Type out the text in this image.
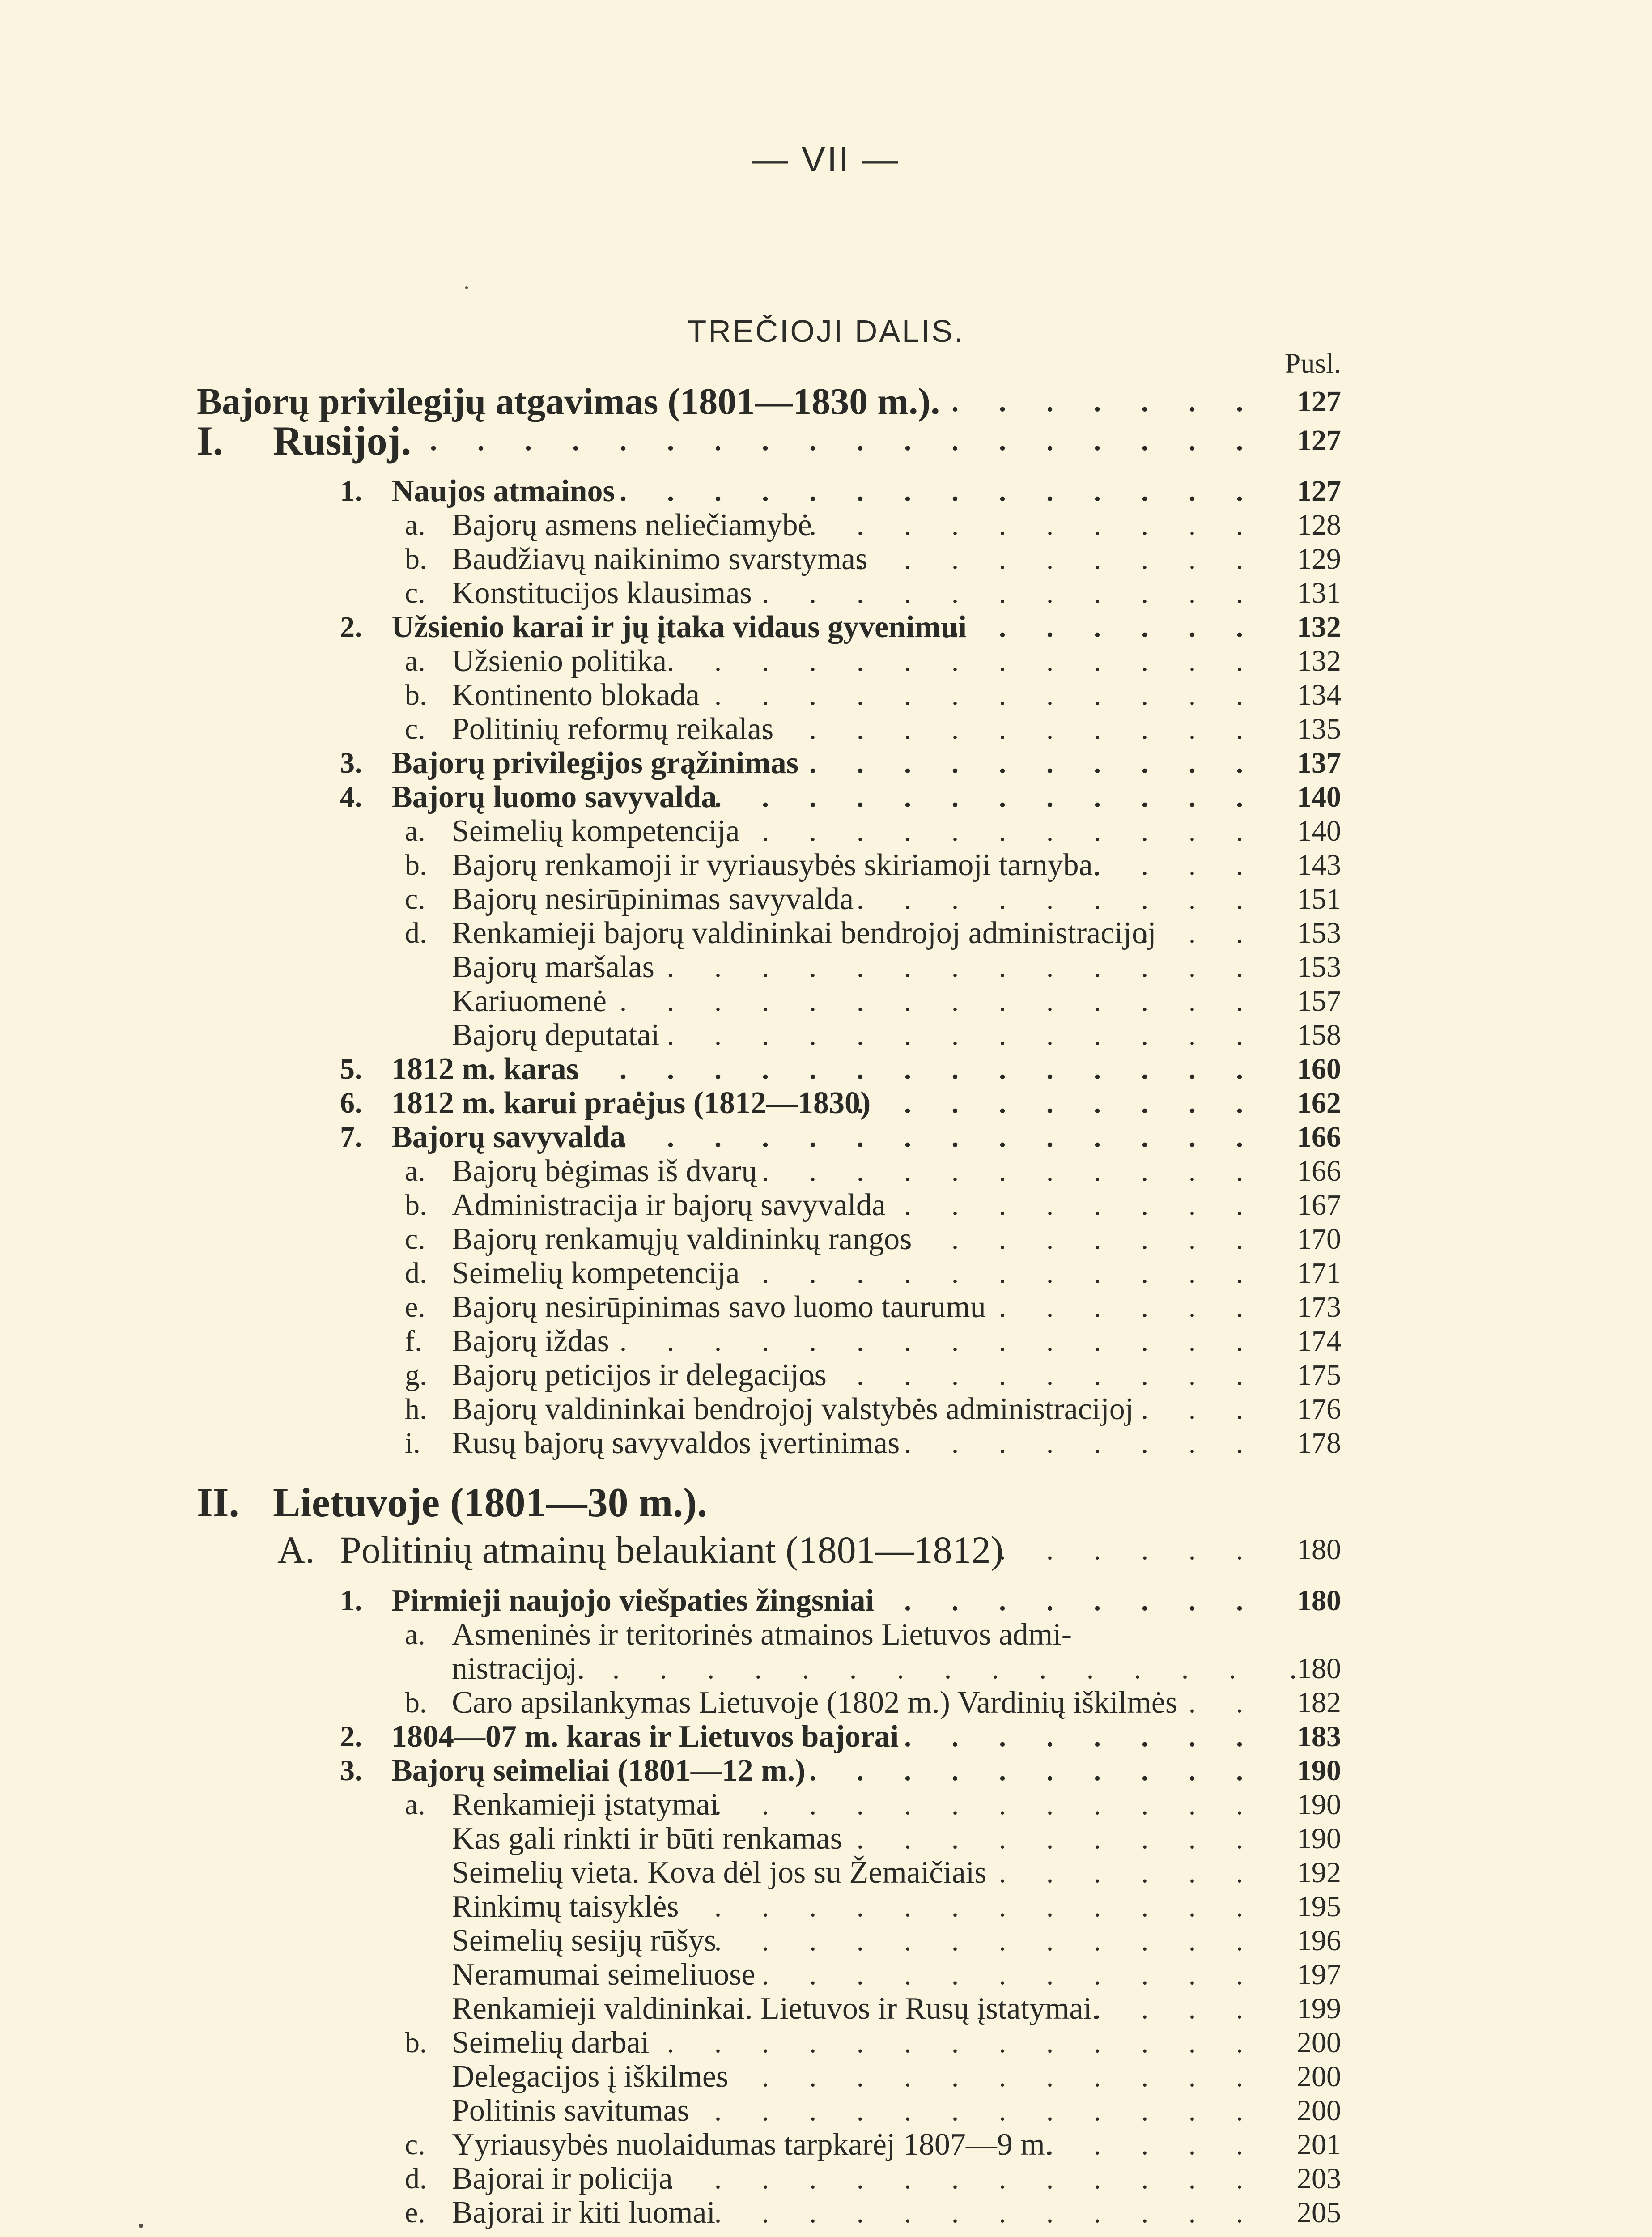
— VII —
TREČIOJI DALIS.
Pusl.
Bajorų privilegijų atgavimas (1801—1830 m.). ....... 127
I. Rusijoj. .................. 127
1. Naujos atmainos .............. 127
a. Bajorų asmens neliečiamybė
.......... 128
b. Baudžiavų naikinimo svarstymas
......... 129
c. Konstitucijos klausimas ........... 131
2. Užsienio karai ir jų įtaka vidaus gyvenimui
....... 132
a. Užsienio politika ............. 132
b. Kontinento blokada ............ 134
c. Politinių reformų reikalas
........... 135
3. Bajorų privilegijos grąžinimas .......... 137
4. Bajorų luomo savyvalda
............ 140
a. Seimelių kompetencija ........... 140
b. Bajorų renkamoji ir vyriausybės skiriamoji tarnyba.
.... 143
c. Bajorų nesirūpinimas savyvalda ......... 151
d. Renkamieji bajorų valdininkai bendrojoj administracijoj
... 153
Bajorų maršalas ............. 153
Kariuomenė .............. 157
Bajorų deputatai ............. 158
5. 1812 m. karas
............... 160
6. 1812 m. karui praėjus (1812—1830)
......... 162
7. Bajorų savyvalda
.............. 166
a. Bajorų bėgimas iš dvarų ........... 166
b. Administracija ir bajorų savyvalda ........ 167
c. Bajorų renkamųjų valdininkų rangos
........ 170
d. Seimelių kompetencija ........... 171
e. Bajorų nesirūpinimas savo luomo taurumu ...... 173
f. Bajorų iždas .............. 174
g. Bajorų peticijos ir delegacijos
.......... 175
h. Bajorų valdininkai bendrojoj valstybės administracijoj ... 176
i. Rusų bajorų savyvaldos įvertinimas ........ 178
II. Lietuvoje (1801—30 m.).
A. Politinių atmainų belaukiant (1801—1812)
...... 180
1. Pirmieji naujojo viešpaties žingsniai
......... 180
a. Asmeninės ir teritorinės atmainos Lietuvos admi-
nistracijoj.
............... .180
b. Caro apsilankymas Lietuvoje (1802 m.) Vardinių iškilmės .. 182
2. 1804—07 m. karas ir Lietuvos bajorai ........ 183
3. Bajorų seimeliai (1801—12 m.) .......... 190
a. Renkamieji įstatymai
............ 190
Kas gali rinkti ir būti renkamas ......... 190
Seimelių vieta. Kova dėl jos su Žemaičiais ...... 192
Rinkimų taisyklės
............. 195
Seimelių sesijų rūšys
............ 196
Neramumai seimeliuose ........... 197
Renkamieji valdininkai. Lietuvos ir Rusų įstatymai.
.... 199
b. Seimelių darbai ............. 200
Delegacijos į iškilmes
............ 200
Politinis savitumas
............. 200
c. Yyriausybės nuolaidumas tarpkarėj 1807—9 m.
..... 201
d. Bajorai ir policija
............. 203
e. Bajorai ir kiti luomai
............ 205
